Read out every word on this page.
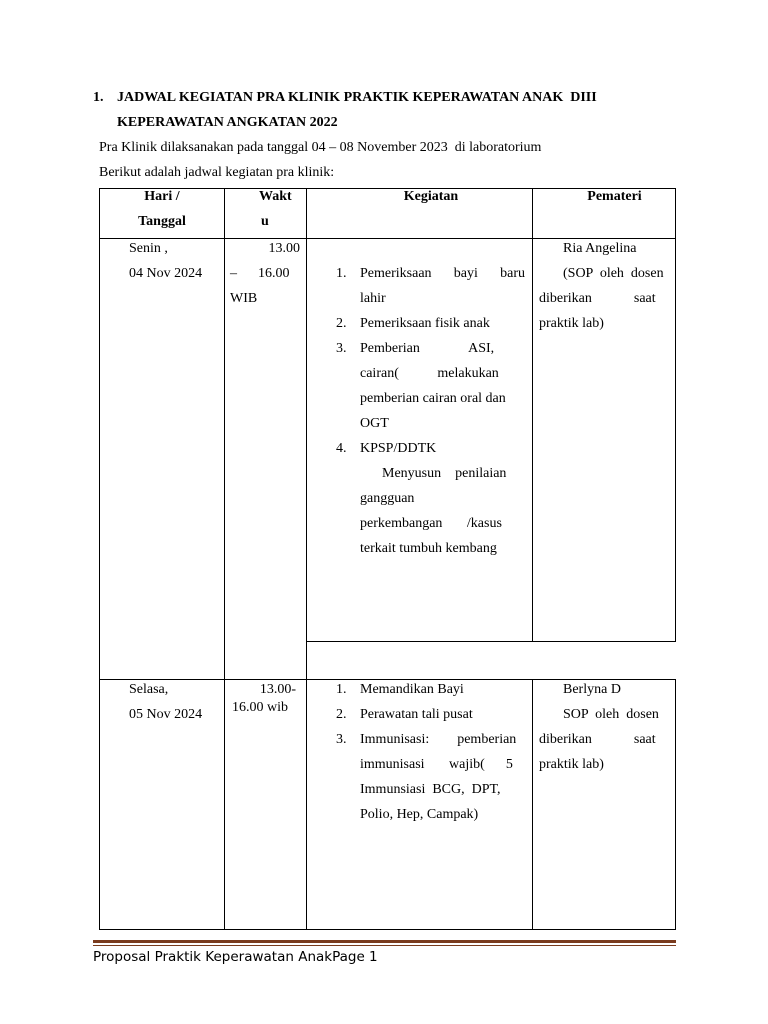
1. JADWAL KEGIATAN PRA KLINIK PRAKTIK KEPERAWATAN ANAK  DIII
KEPERAWATAN ANGKATAN 2022
Pra Klinik dilaksanakan pada tanggal 04 – 08 November 2023  di laboratorium
Berikut adalah jadwal kegiatan pra klinik:
Hari /
Tanggal
Wakt
u
Kegiatan	Pemateri
Senin ,
04 Nov 2024
13.00
–      16.00
WIB
1. Pemeriksaan   bayi   baru
lahir
2. Pemeriksaan fisik anak
3. Pemberian              ASI,
cairan(           melakukan
pemberian cairan oral dan
OGT
4. KPSP/DDTK
Menyusun    penilaian
gangguan
perkembangan       /kasus
terkait tumbuh kembang
Ria Angelina
(SOP  oleh  dosen
diberikan            saat
praktik lab)
Selasa,
05 Nov 2024
13.00-
16.00 wib
1. Memandikan Bayi
2. Perawatan tali pusat
3. Immunisasi:        pemberian
immunisasi       wajib(      5
Immunsiasi  BCG,  DPT,
Polio, Hep, Campak)
Berlyna D
SOP  oleh  dosen
diberikan            saat
praktik lab)
Proposal Praktik Keperawatan AnakPage 1
